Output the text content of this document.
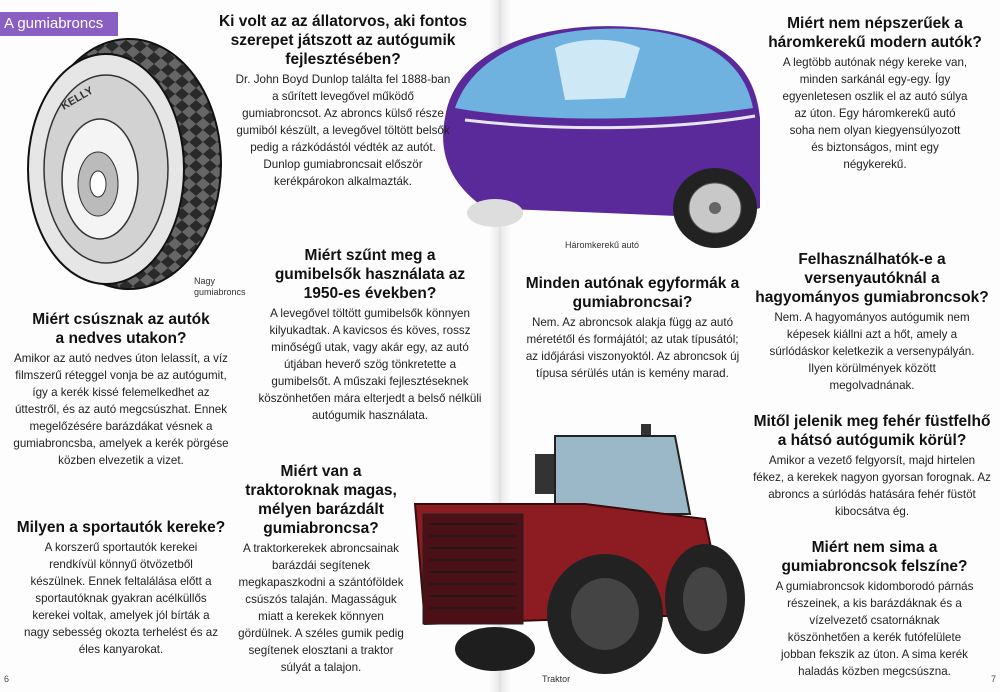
A gumiabroncs
KELLY
Nagy
gumiabroncs
Háromkerekű autó
Traktor
Ki volt az az állatorvos, aki fontos szerepet játszott az autógumik fejlesztésében?

Dr. John Boyd Dunlop találta fel 1888-ban a sűrített levegővel működő gumiabroncsot. Az abroncs külső része gumiból készült, a levegővel töltött belsők pedig a rázkódástól védték az autót. Dunlop gumiabroncsait először kerékpárokon alkalmazták.

Miért szűnt meg a gumibelsők használata az 1950-es években?

A levegővel töltött gumibelsők könnyen kilyukadtak. A kavicsos és köves, rossz minőségű utak, vagy akár egy, az autó útjában heverő szög tönkretette a gumibelsőt. A műszaki fejlesztéseknek köszönhetően mára elterjedt a belső nélküli autógumik használata.

Miért csúsznak az autók a nedves utakon?

Amikor az autó nedves úton lelassít, a víz filmszerű réteggel vonja be az autógumit, így a kerék kissé felemelkedhet az úttestről, és az autó megcsúszhat. Ennek megelőzésére barázdákat vésnek a gumiabroncsba, amelyek a kerék pörgése közben elvezetik a vizet.

Milyen a sportautók kereke?

A korszerű sportautók kerekei rendkívül könnyű ötvözetből készülnek. Ennek feltalálása előtt a sportautóknak gyakran acélküllős kerekei voltak, amelyek jól bírták a nagy sebesség okozta terhelést és az éles kanyarokat.

Miért van a traktoroknak magas, mélyen barázdált gumiabroncsa?

A traktorkerekek abroncsainak barázdái segítenek megkapaszkodni a szántóföldek csúszós talaján. Magasságuk miatt a kerekek könnyen gördülnek. A széles gumik pedig segítenek elosztani a traktor súlyát a talajon.

Minden autónak egyformák a gumiabroncsai?

Nem. Az abroncsok alakja függ az autó méretétől és formájától; az utak típusától; az időjárási viszonyoktól. Az abroncsok új típusa sérülés után is kemény marad.

Miért nem népszerűek a háromkerekű modern autók?

A legtöbb autónak négy kereke van, minden sarkánál egy-egy. Így egyenletesen oszlik el az autó súlya az úton. Egy háromkerekű autó soha nem olyan kiegyensúlyozott és biztonságos, mint egy négykerekű.

Felhasználhatók-e a versenyautóknál a hagyományos gumiabroncsok?

Nem. A hagyományos autógumik nem képesek kiállni azt a hőt, amely a súrlódáskor keletkezik a versenypályán. Ilyen körülmények között megolvadnának.

Mitől jelenik meg fehér füstfelhő a hátsó autógumik körül?

Amikor a vezető felgyorsít, majd hirtelen fékez, a kerekek nagyon gyorsan forognak. Az abroncs a súrlódás hatására fehér füstöt kibocsátva ég.

Miért nem sima a gumiabroncsok felszíne?

A gumiabroncsok kidomborodó párnás részeinek, a kis barázdáknak és a vízelvezető csatornáknak köszönhetően a kerék futófelülete jobban fekszik az úton. A sima kerék haladás közben megcsúszna.

6	7
